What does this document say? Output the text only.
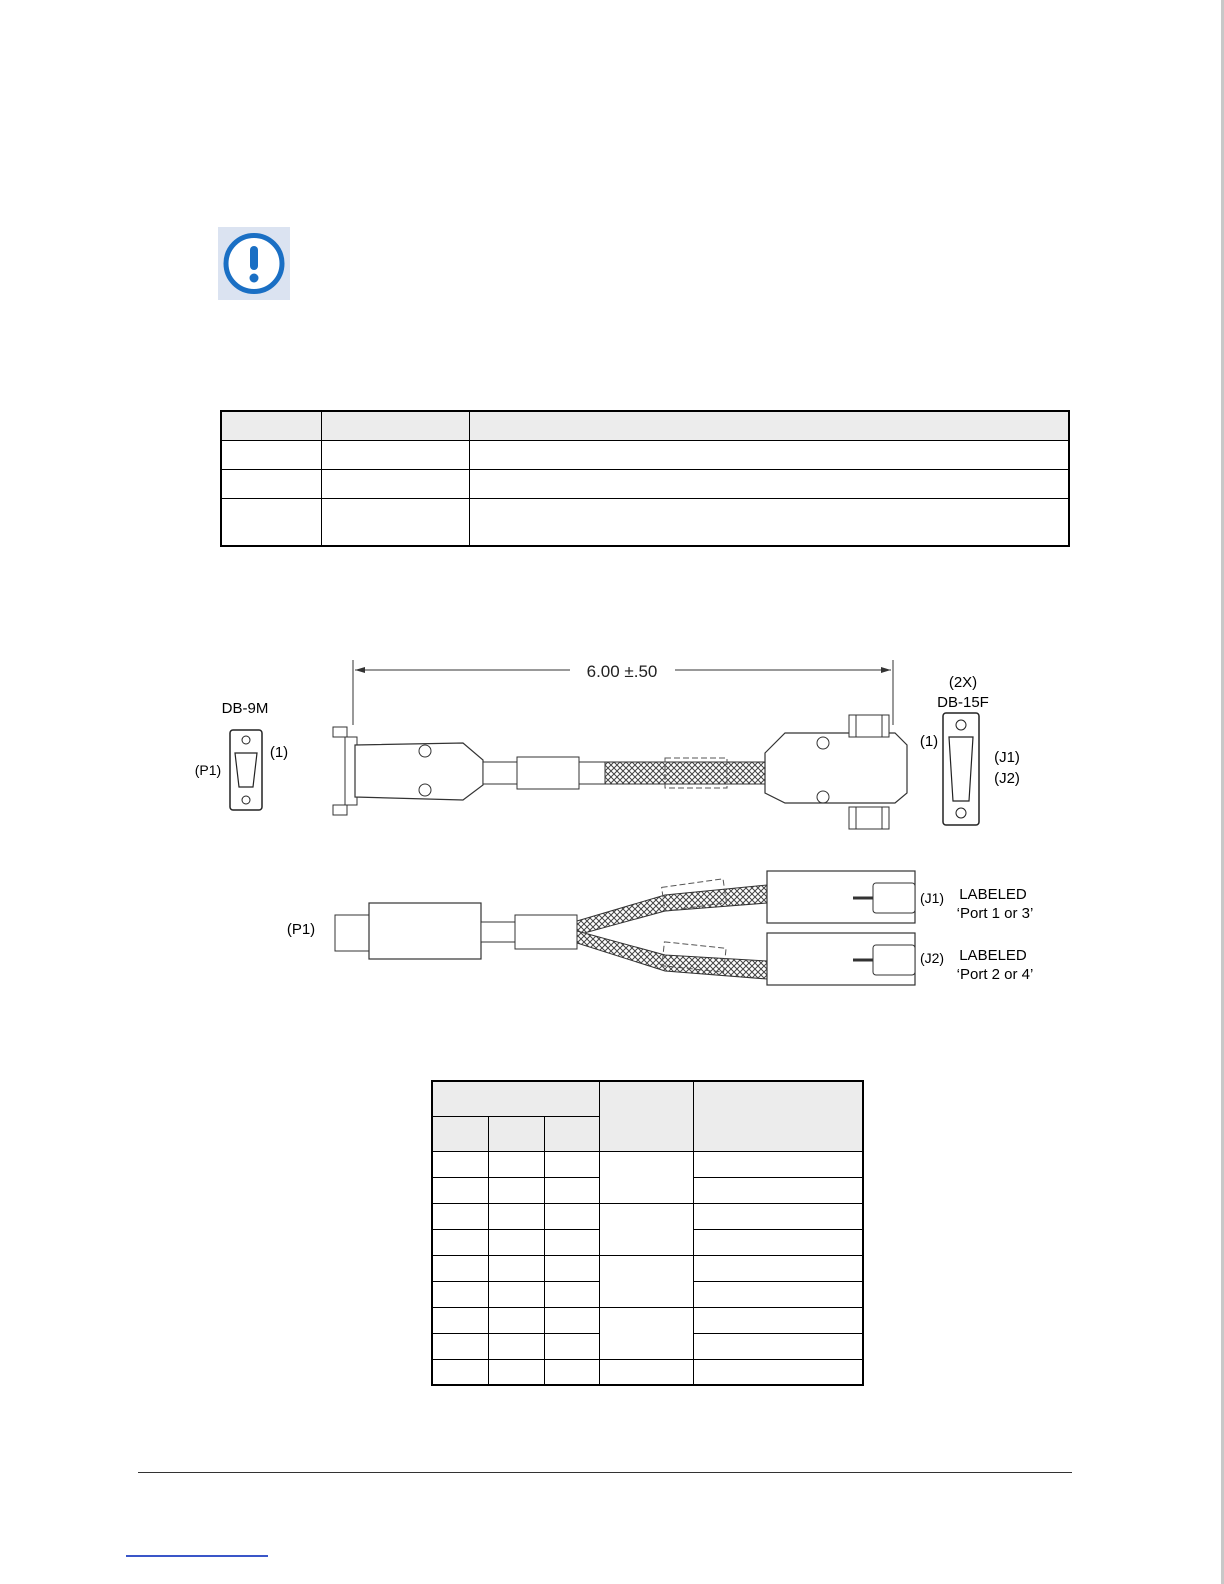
6.00 ±.50
DB-9M
(P1)
(1)
(2X)
DB-15F
(1)
(J1)
(J2)
(P1)
(J1)
(J2)
LABELED
‘Port 1 or 3’
LABELED
‘Port 2 or 4’
